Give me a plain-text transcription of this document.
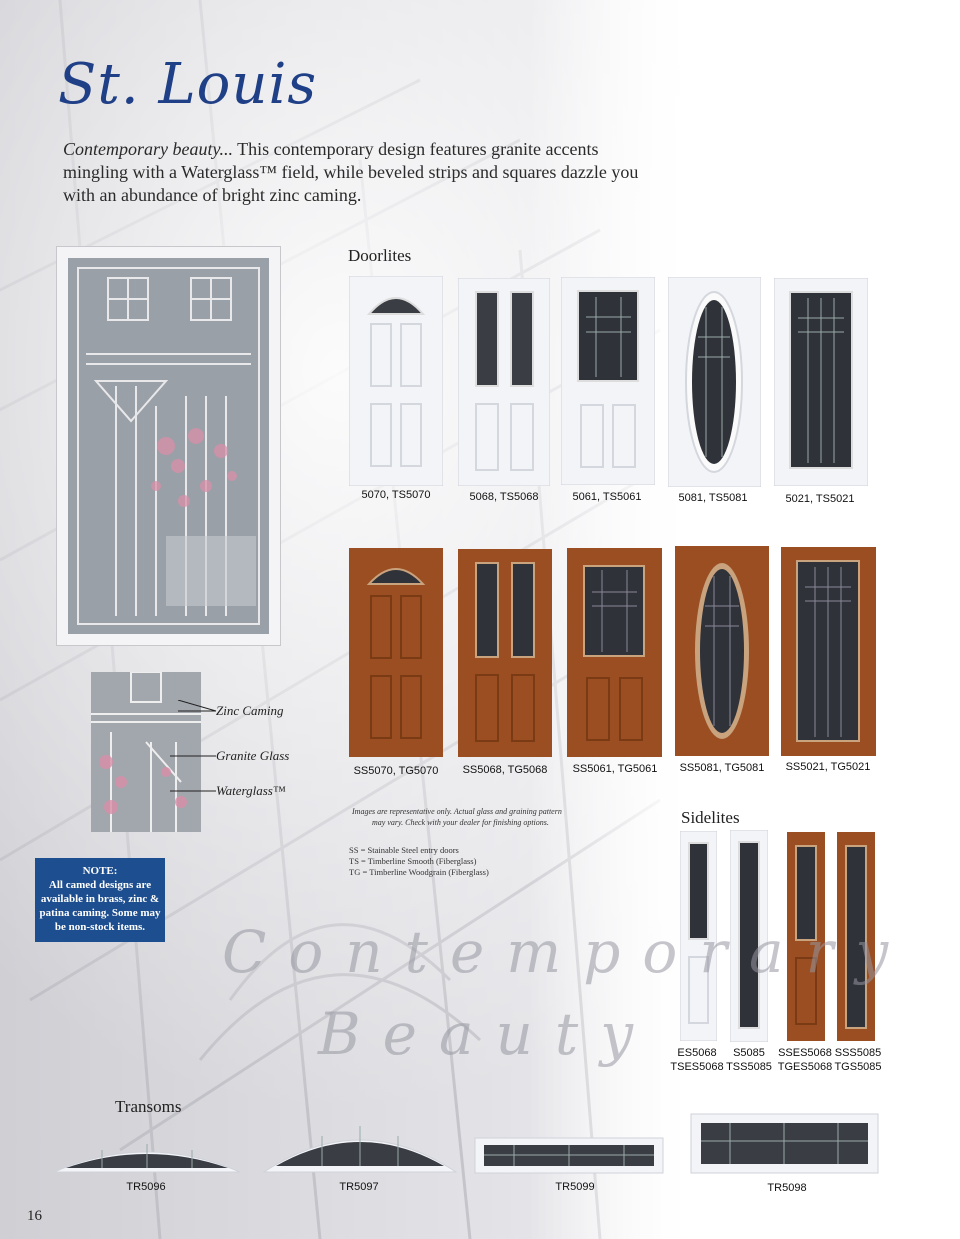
St. Louis
Contemporary beauty... This contemporary design features granite accents mingling with a Waterglass™ field, while beveled strips and squares dazzle you with an abundance of bright zinc caming.
Zinc Caming
Granite Glass
Waterglass™
NOTE:
All camed designs are available in brass, zinc & patina caming. Some may be non-stock items.
Doorlites
5070, TS5070	5068, TS5068	5061, TS5061	5081, TS5081	5021, TS5021
SS5070, TG5070	SS5068, TG5068	SS5061, TG5061	SS5081, TG5081	SS5021, TG5021
Images are representative only. Actual glass and graining pattern
may vary. Check with your dealer for finishing options.
SS = Stainable Steel entry doors
TS = Timberline Smooth (Fiberglass)
TG = Timberline Woodgrain (Fiberglass)
Sidelites
ES5068
TSES5068
S5085
TSS5085
SSES5068
TGES5068
SSS5085
TGS5085
Contemporary
Beauty
Transoms
TR5096	TR5097	TR5099	TR5098
16
